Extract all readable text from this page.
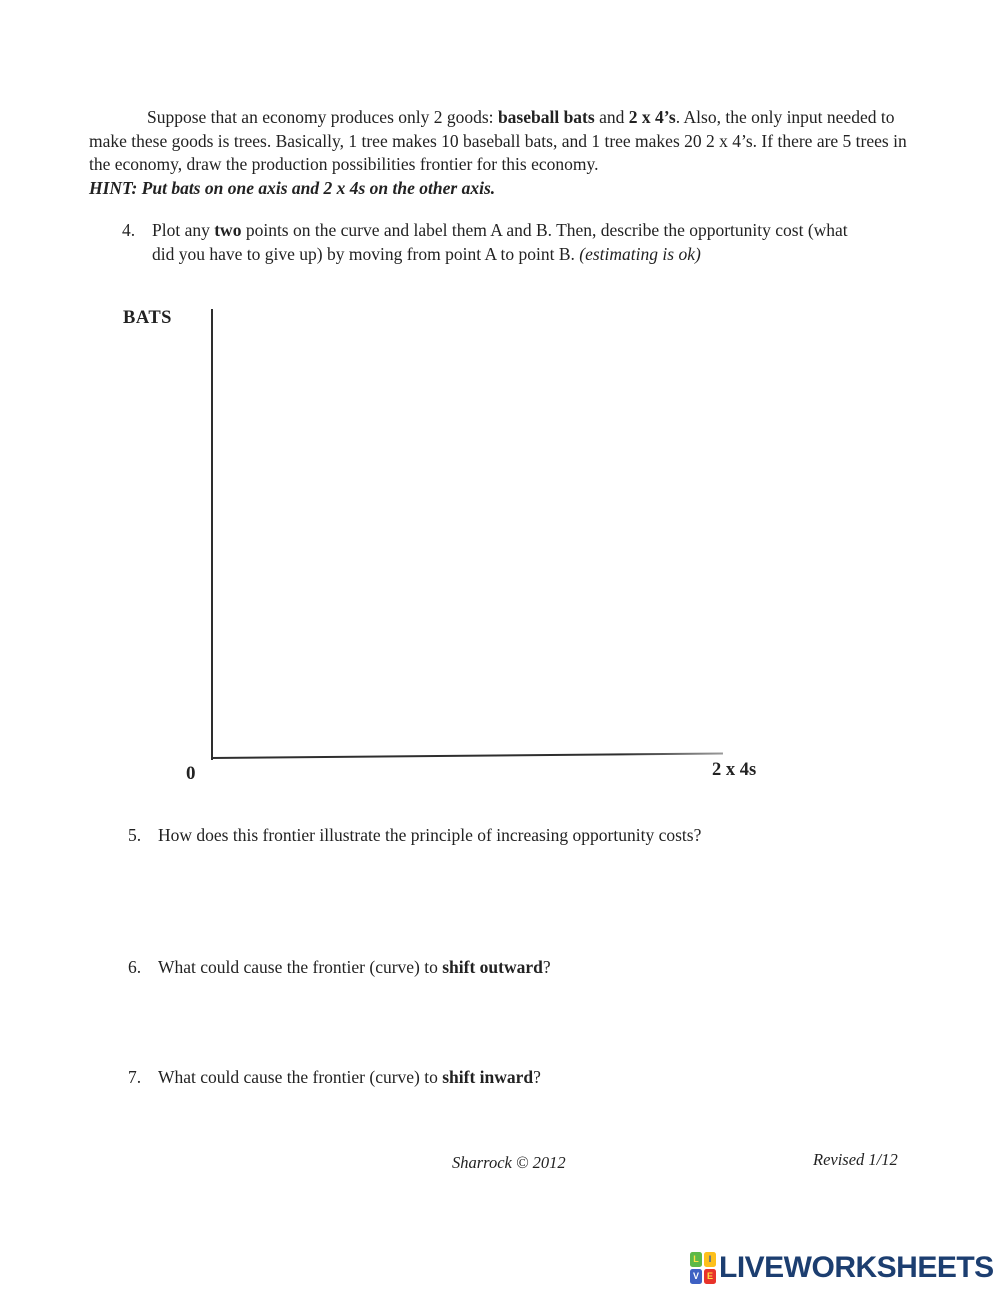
Suppose that an economy produces only 2 goods: baseball bats and 2 x 4’s. Also, the only input needed to make these goods is trees. Basically, 1 tree makes 10 baseball bats, and 1 tree makes 20 2 x 4’s. If there are 5 trees in the economy, draw the production possibilities frontier for this economy.

HINT: Put bats on one axis and 2 x 4s on the other axis.

4. Plot any two points on the curve and label them A and B. Then, describe the opportunity cost (what did you have to give up) by moving from point A to point B. (estimating is ok)
BATS
0	2 x 4s
5. How does this frontier illustrate the principle of increasing opportunity costs?
6. What could cause the frontier (curve) to shift outward?
7. What could cause the frontier (curve) to shift inward?
Sharrock © 2012	Revised 1/12
L	I
V E LIVEWORKSHEETS
